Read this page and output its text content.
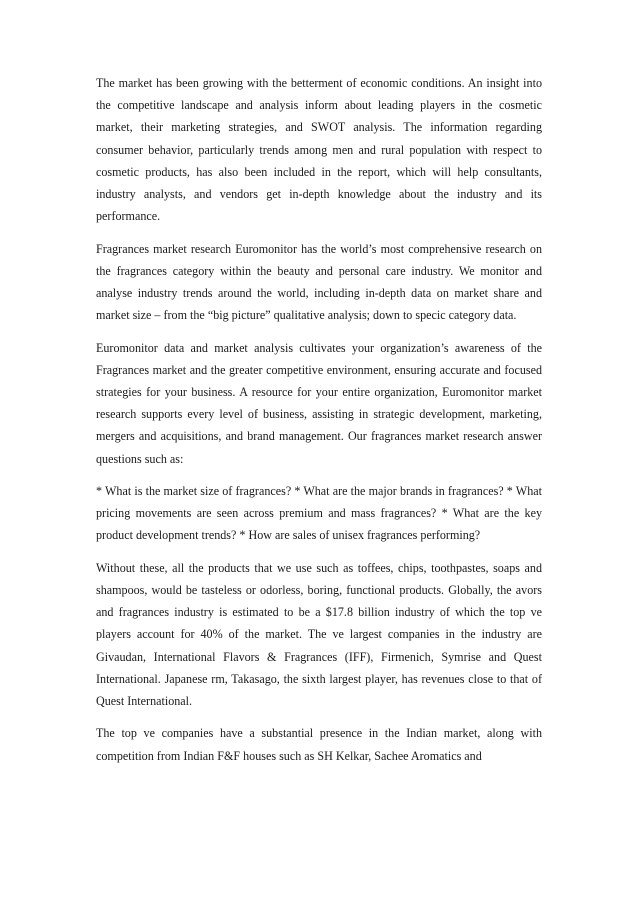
The market has been growing with the betterment of economic conditions. An insight into the competitive landscape and analysis inform about leading players in the cosmetic market, their marketing strategies, and SWOT analysis. The information regarding consumer behavior, particularly trends among men and rural population with respect to cosmetic products, has also been included in the report, which will help consultants, industry analysts, and vendors get in-depth knowledge about the industry and its performance.

Fragrances market research Euromonitor has the world’s most comprehensive research on the fragrances category within the beauty and personal care industry. We monitor and analyse industry trends around the world, including in-depth data on market share and market size – from the “big picture” qualitative analysis; down to specic category data.

Euromonitor data and market analysis cultivates your organization’s awareness of the Fragrances market and the greater competitive environment, ensuring accurate and focused strategies for your business. A resource for your entire organization, Euromonitor market research supports every level of business, assisting in strategic development, marketing, mergers and acquisitions, and brand management. Our fragrances market research answer questions such as:

* What is the market size of fragrances? * What are the major brands in fragrances? * What pricing movements are seen across premium and mass fragrances? * What are the key product development trends? * How are sales of unisex fragrances performing?

Without these, all the products that we use such as toffees, chips, toothpastes, soaps and shampoos, would be tasteless or odorless, boring, functional products. Globally, the avors and fragrances industry is estimated to be a $17.8 billion industry of which the top ve players account for 40% of the market. The ve largest companies in the industry are Givaudan, International Flavors & Fragrances (IFF), Firmenich, Symrise and Quest International. Japanese rm, Takasago, the sixth largest player, has revenues close to that of Quest International.

The top ve companies have a substantial presence in the Indian market, along with competition from Indian F&F houses such as SH Kelkar, Sachee Aromatics and
